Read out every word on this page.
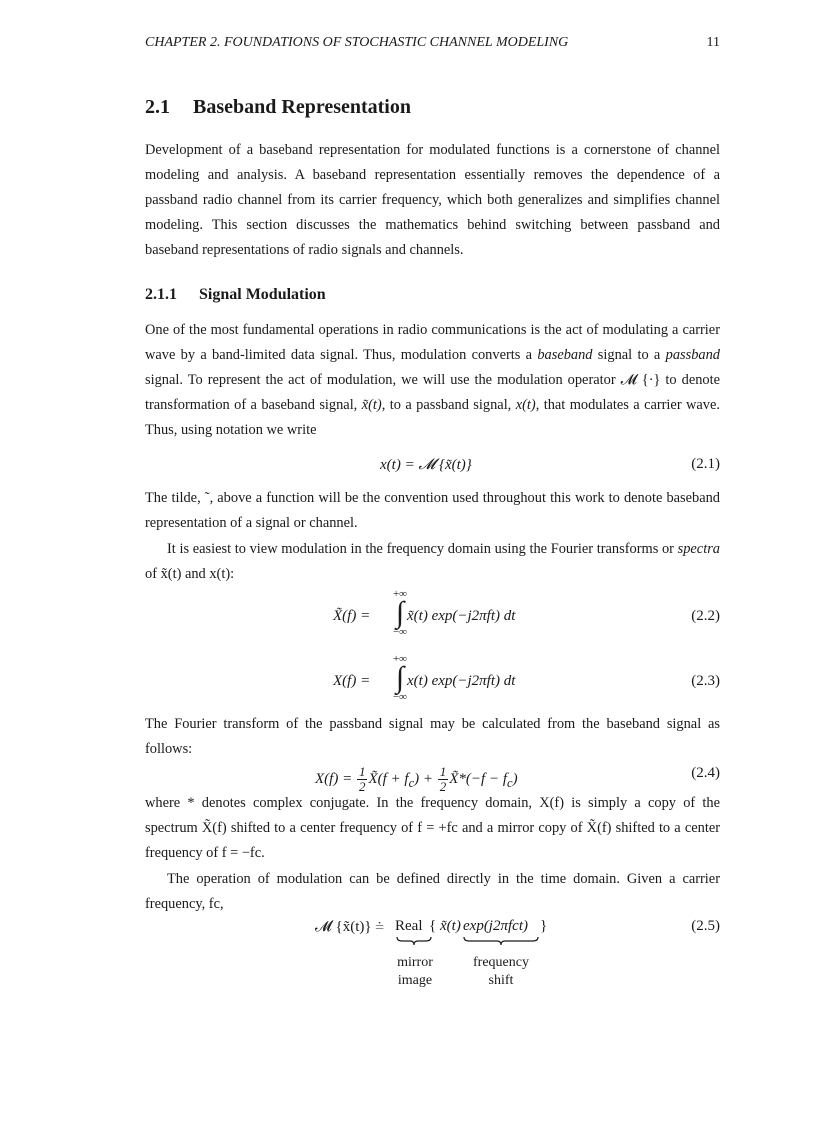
CHAPTER 2. FOUNDATIONS OF STOCHASTIC CHANNEL MODELING	11
2.1 Baseband Representation
Development of a baseband representation for modulated functions is a cornerstone of channel modeling and analysis. A baseband representation essentially removes the dependence of a passband radio channel from its carrier frequency, which both generalizes and simplifies channel modeling. This section discusses the mathematics behind switching between passband and baseband representations of radio signals and channels.
2.1.1 Signal Modulation
One of the most fundamental operations in radio communications is the act of modulating a carrier wave by a band-limited data signal. Thus, modulation converts a baseband signal to a passband signal. To represent the act of modulation, we will use the modulation operator 𝓜 {·} to denote transformation of a baseband signal, x̃(t), to a passband signal, x(t), that modulates a carrier wave. Thus, using notation we write
x(t) = 𝓜 {x̃(t)}	(2.1)
The tilde, ˜, above a function will be the convention used throughout this work to denote baseband representation of a signal or channel.
It is easiest to view modulation in the frequency domain using the Fourier transforms or spectra of x̃(t) and x(t):
X̃(f) =
+∞
∫
−∞
x̃(t) exp(−j2πft) dt	(2.2)
X(f) =
+∞
∫
−∞
x(t) exp(−j2πft) dt	(2.3)
The Fourier transform of the passband signal may be calculated from the baseband signal as follows:
$X(f) = \frac{1}{2}$ X̃(f + $f_c) + \frac{1}{2}$ X̃*(−f − $f_c$)	(2.4)
where * denotes complex conjugate. In the frequency domain, X(f) is simply a copy of the spectrum X̃(f) shifted to a center frequency of f = +fc and a mirror copy of X̃(f) shifted to a center frequency of f = −fc.
The operation of modulation can be defined directly in the time domain. Given a carrier frequency, fc,
𝓜 {x̃(t)} ≐ Real { x̃(t) exp(j2πfct) }
mirror
image
frequency
shift
(2.5)
